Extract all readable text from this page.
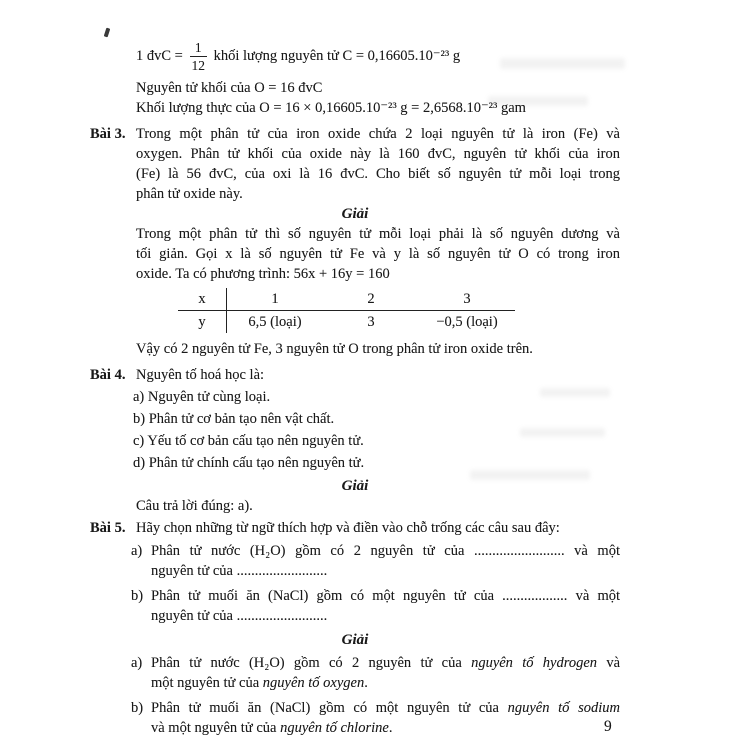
1 đvC = $\frac{1}{12}$ khối lượng nguyên tử C = 0,16605.10⁻²³ g
Nguyên tử khối của O = 16 đvC
Khối lượng thực của O = 16 × 0,16605.10⁻²³ g = 2,6568.10⁻²³ gam
Bài 3. Trong một phân tử của iron oxide chứa 2 loại nguyên tử là iron (Fe) và
oxygen. Phân tử khối của oxide này là 160 đvC, nguyên tử khối của iron
(Fe) là 56 đvC, của oxi là 16 đvC. Cho biết số nguyên tử mỗi loại trong
phân tử oxide này.
Giải
Trong một phân tử thì số nguyên tử mỗi loại phải là số nguyên dương và
tối giản. Gọi x là số nguyên tử Fe và y là số nguyên tử O có trong iron
oxide. Ta có phương trình: 56x + 16y = 160
x	1	2	3
y	6,5 (loại)	3	−0,5 (loại)
Vậy có 2 nguyên tử Fe, 3 nguyên tử O trong phân tử iron oxide trên.
Bài 4. Nguyên tố hoá học là:
a) Nguyên tử cùng loại.
b) Phân tử cơ bản tạo nên vật chất.
c) Yếu tố cơ bản cấu tạo nên nguyên tử.
d) Phân tử chính cấu tạo nên nguyên tử.
Giải
Câu trả lời đúng: a).
Bài 5. Hãy chọn những từ ngữ thích hợp và điền vào chỗ trống các câu sau đây:
a) Phân tử nước (H₂O) gồm có 2 nguyên tử của ......................... và một
nguyên tử của .........................
b) Phân tử muối ăn (NaCl) gồm có một nguyên tử của .................. và một
nguyên tử của .........................
Giải
a) Phân tử nước (H₂O) gồm có 2 nguyên tử của nguyên tố hydrogen và
một nguyên tử của nguyên tố oxygen.
b) Phân tử muối ăn (NaCl) gồm có một nguyên tử của nguyên tố sodium
và một nguyên tử của nguyên tố chlorine.	9
